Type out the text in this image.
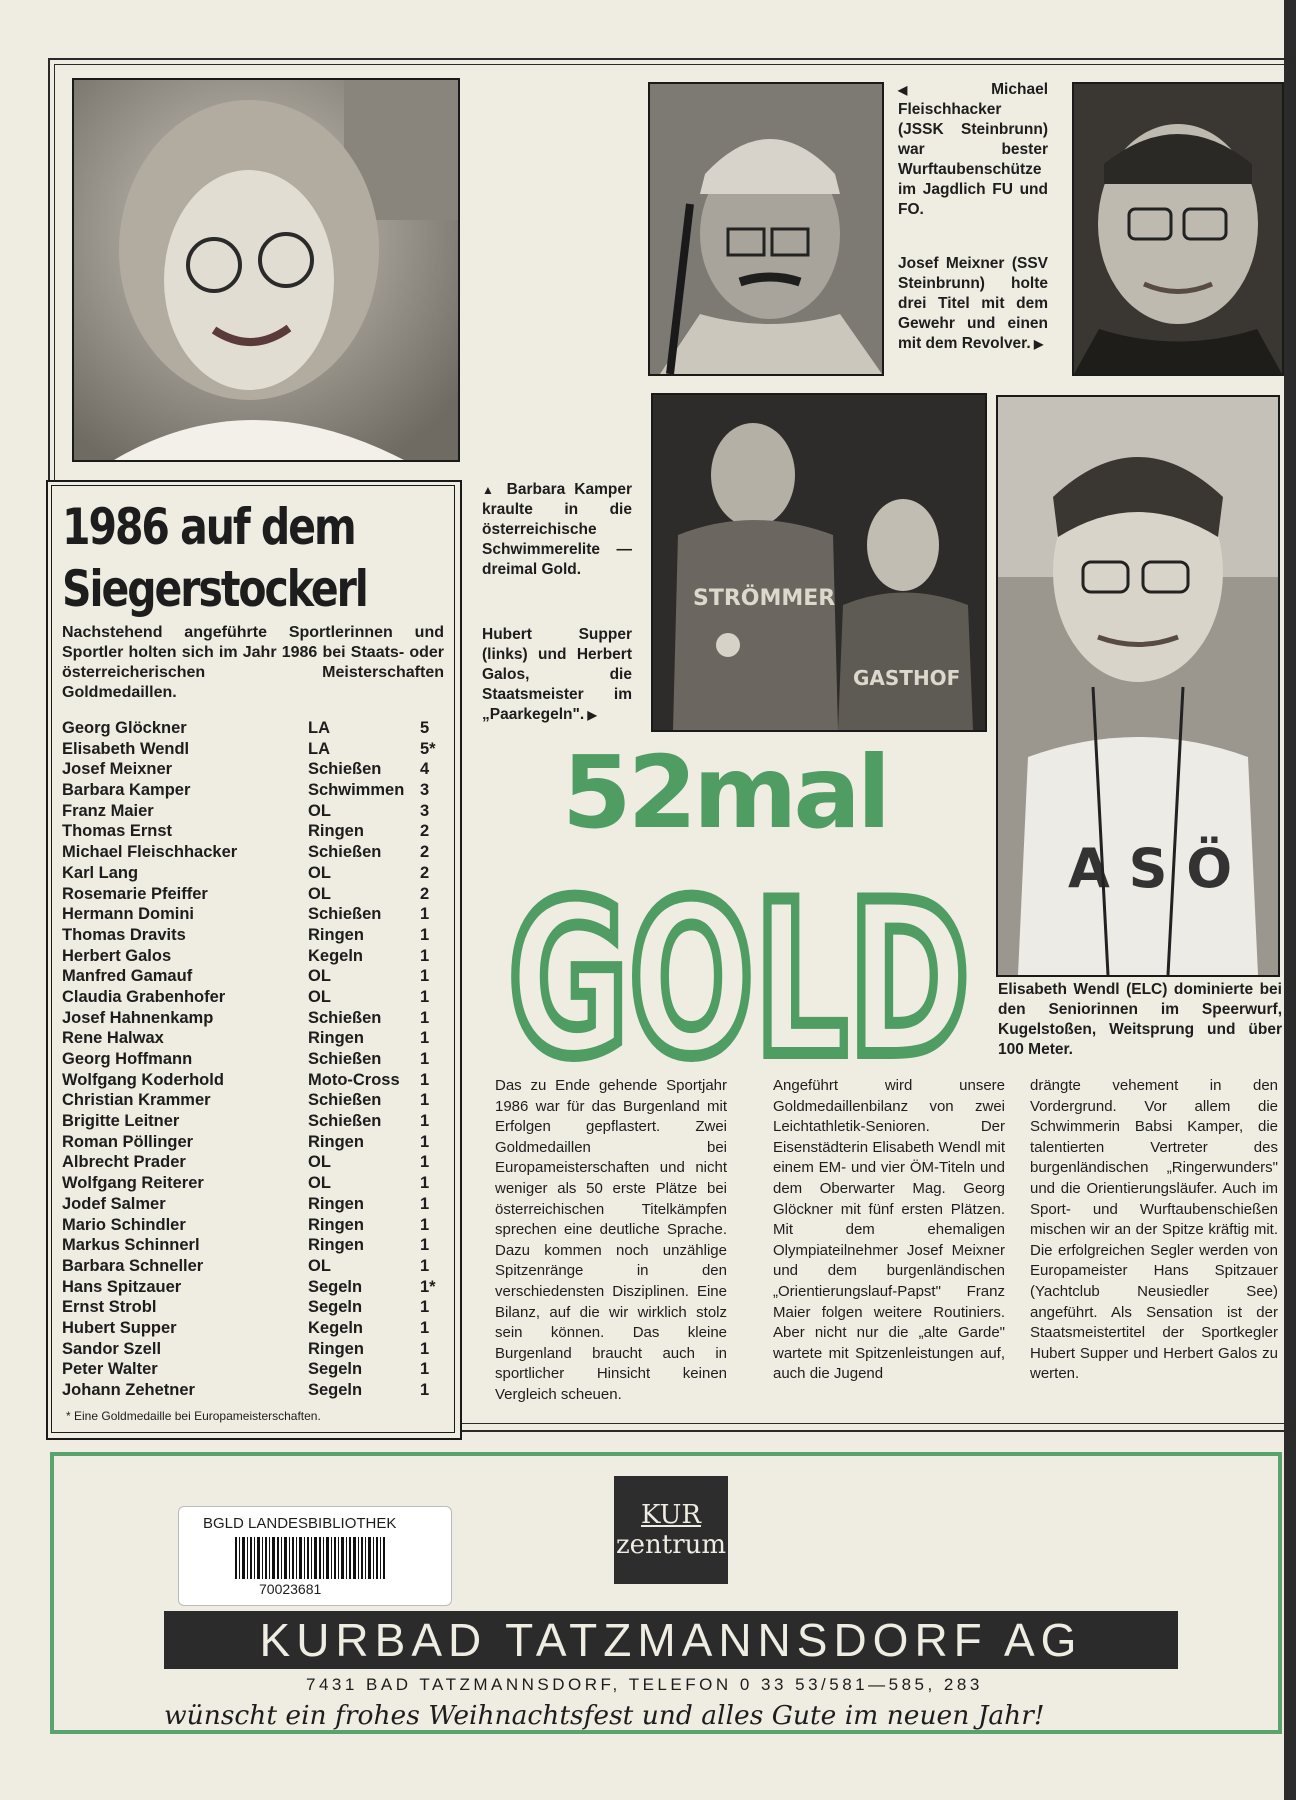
◀ Michael Fleischhacker (JSSK Steinbrunn) war bester Wurftaubenschütze im Jagdlich FU und FO.
Josef Meixner (SSV Steinbrunn) holte drei Titel mit dem Gewehr und einen mit dem Revolver. ▶
STRÖMMER
GASTHOF
▲ Barbara Kamper kraulte in die österreichische Schwimmerelite — dreimal Gold.
Hubert Supper (links) und Herbert Galos, die Staatsmeister im „Paarkegeln". ▶
A S Ö
Elisabeth Wendl (ELC) dominierte bei den Seniorinnen im Speerwurf, Kugelstoßen, Weitsprung und über 100 Meter.
1986 auf dem
Siegerstockerl
Nachstehend angeführte Sportlerinnen und Sportler holten sich im Jahr 1986 bei Staats- oder österreicherischen Meisterschaften Goldmedaillen.
Georg Glöckner	LA	5
Elisabeth Wendl	LA	5*
Josef Meixner	Schießen	4
Barbara Kamper	Schwimmen 3
Franz Maier	OL	3
Thomas Ernst	Ringen	2
Michael Fleischhacker	Schießen	2
Karl Lang	OL	2
Rosemarie Pfeiffer	OL	2
Hermann Domini	Schießen	1
Thomas Dravits	Ringen	1
Herbert Galos	Kegeln	1
Manfred Gamauf	OL	1
Claudia Grabenhofer	OL	1
Josef Hahnenkamp	Schießen	1
Rene Halwax	Ringen	1
Georg Hoffmann	Schießen	1
Wolfgang Koderhold	Moto-Cross	1
Christian Krammer	Schießen	1
Brigitte Leitner	Schießen	1
Roman Pöllinger	Ringen	1
Albrecht Prader	OL	1
Wolfgang Reiterer	OL	1
Jodef Salmer	Ringen	1
Mario Schindler	Ringen	1
Markus Schinnerl	Ringen	1
Barbara Schneller	OL	1
Hans Spitzauer	Segeln	1*
Ernst Strobl	Segeln	1
Hubert Supper	Kegeln	1
Sandor Szell	Ringen	1
Peter Walter	Segeln	1
Johann Zehetner	Segeln	1
* Eine Goldmedaille bei Europameisterschaften.
52mal
GOLD
Das zu Ende gehende Sportjahr 1986 war für das Burgenland mit Erfolgen gepflastert. Zwei Goldmedaillen bei Europameisterschaften und nicht weniger als 50 erste Plätze bei österreichischen Titelkämpfen sprechen eine deutliche Sprache. Dazu kommen noch unzählige Spitzenränge in den verschiedensten Disziplinen. Eine Bilanz, auf die wir wirklich stolz sein können. Das kleine Burgenland braucht auch in sportlicher Hinsicht keinen Vergleich scheuen.
Angeführt wird unsere Goldmedaillenbilanz von zwei Leichtathletik-Senioren. Der Eisenstädterin Elisabeth Wendl mit einem EM- und vier ÖM-Titeln und dem Oberwarter Mag. Georg Glöckner mit fünf ersten Plätzen. Mit dem ehemaligen Olympiateilnehmer Josef Meixner und dem burgenländischen „Orientierungslauf-Papst" Franz Maier folgen weitere Routiniers. Aber nicht nur die „alte Garde" wartete mit Spitzenleistungen auf, auch die Jugend
drängte vehement in den Vordergrund. Vor allem die Schwimmerin Babsi Kamper, die talentierten Vertreter des burgenländischen „Ringerwunders" und die Orientierungsläufer. Auch im Sport- und Wurftaubenschießen mischen wir an der Spitze kräftig mit. Die erfolgreichen Segler werden von Europameister Hans Spitzauer (Yachtclub Neusiedler See) angeführt. Als Sensation ist der Staatsmeistertitel der Sportkegler Hubert Supper und Herbert Galos zu werten.
KUR
zentrum
KURBAD TATZMANNSDORF AG
7431 BAD TATZMANNSDORF, TELEFON 0 33 53/581—585, 283
wünscht ein frohes Weihnachtsfest und alles Gute im neuen Jahr!
BGLD LANDESBIBLIOTHEK
70023681
